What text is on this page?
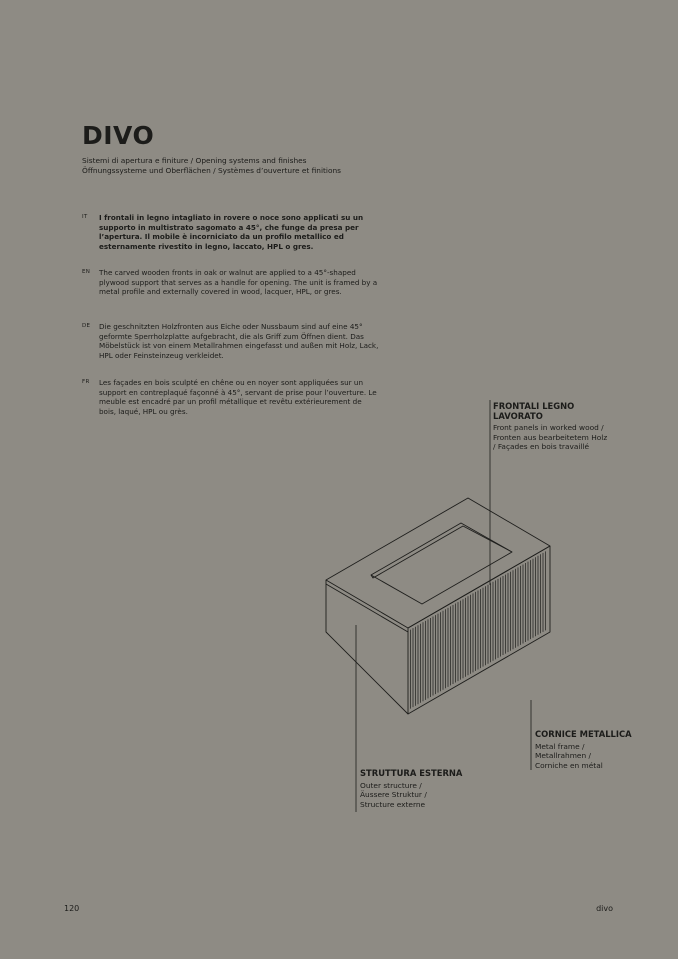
DIVO
Sistemi di apertura e finiture / Opening systems and finishes
Öffnungssysteme und Oberflächen / Systèmes d’ouverture et finitions
IT I frontali in legno intagliato in rovere o noce sono applicati su un supporto in multistrato sagomato a 45°, che funge da presa per l’apertura. Il mobile è incorniciato da un profilo metallico ed esternamente rivestito in legno, laccato, HPL o gres.
EN The carved wooden fronts in oak or walnut are applied to a 45°-shaped plywood support that serves as a handle for opening. The unit is framed by a metal profile and externally covered in wood, lacquer, HPL, or gres.
DE Die geschnitzten Holzfronten aus Eiche oder Nussbaum sind auf eine 45° geformte Sperrholzplatte aufgebracht, die als Griff zum Öffnen dient. Das Möbelstück ist von einem Metallrahmen eingefasst und außen mit Holz, Lack, HPL oder Feinsteinzeug verkleidet.
FR Les façades en bois sculpté en chêne ou en noyer sont appliquées sur un support en contreplaqué façonné à 45°, servant de prise pour l’ouverture. Le meuble est encadré par un profil métallique et revêtu extérieurement de bois, laqué, HPL ou grès.
FRONTALI LEGNO LAVORATO
Front panels in worked wood /
Fronten aus bearbeitetem Holz
/ Façades en bois travaillé
CORNICE METALLICA
Metal frame /
Metallrahmen /
Corniche en métal
STRUTTURA ESTERNA
Outer structure /
Äussere Struktur /
Structure externe
120	divo
